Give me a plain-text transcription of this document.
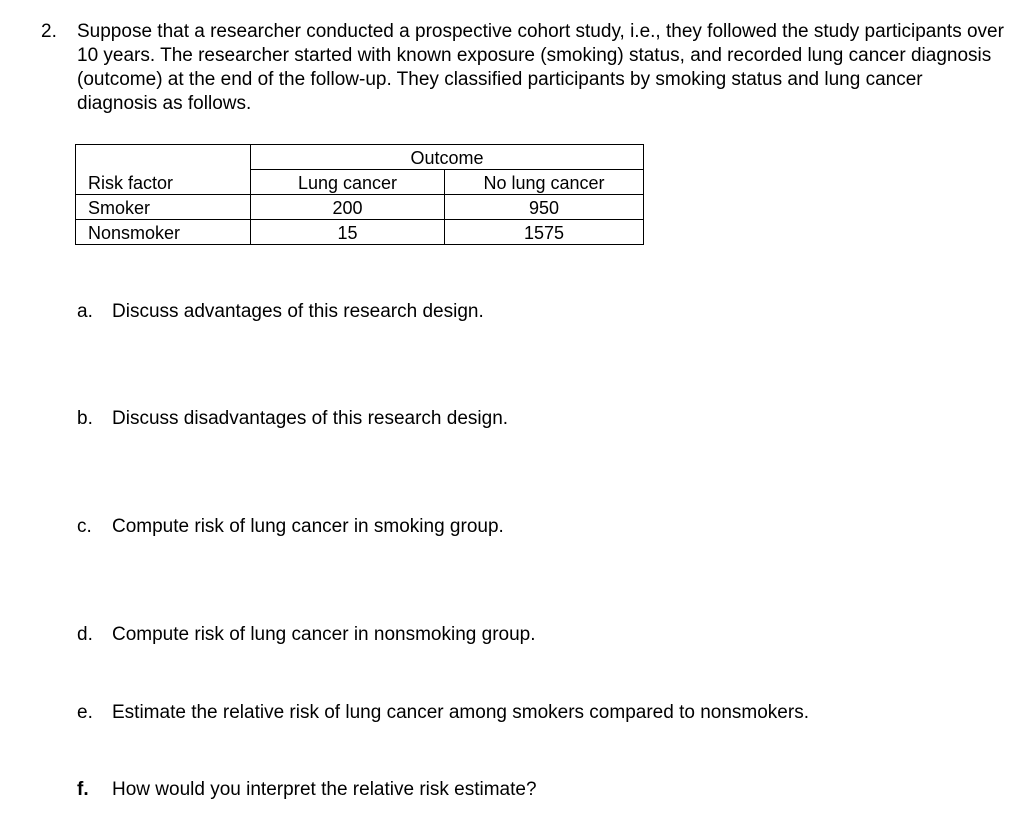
2. Suppose that a researcher conducted a prospective cohort study, i.e., they followed the study participants over 10 years. The researcher started with known exposure (smoking) status, and recorded lung cancer diagnosis (outcome) at the end of the follow-up. They classified participants by smoking status and lung cancer diagnosis as follows.
	Outcome	
Risk factor	Lung cancer	No lung cancer
Smoker	200	950
Nonsmoker	15	1575
a. Discuss advantages of this research design.
b. Discuss disadvantages of this research design.
c. Compute risk of lung cancer in smoking group.
d. Compute risk of lung cancer in nonsmoking group.
e. Estimate the relative risk of lung cancer among smokers compared to nonsmokers.
f. How would you interpret the relative risk estimate?
